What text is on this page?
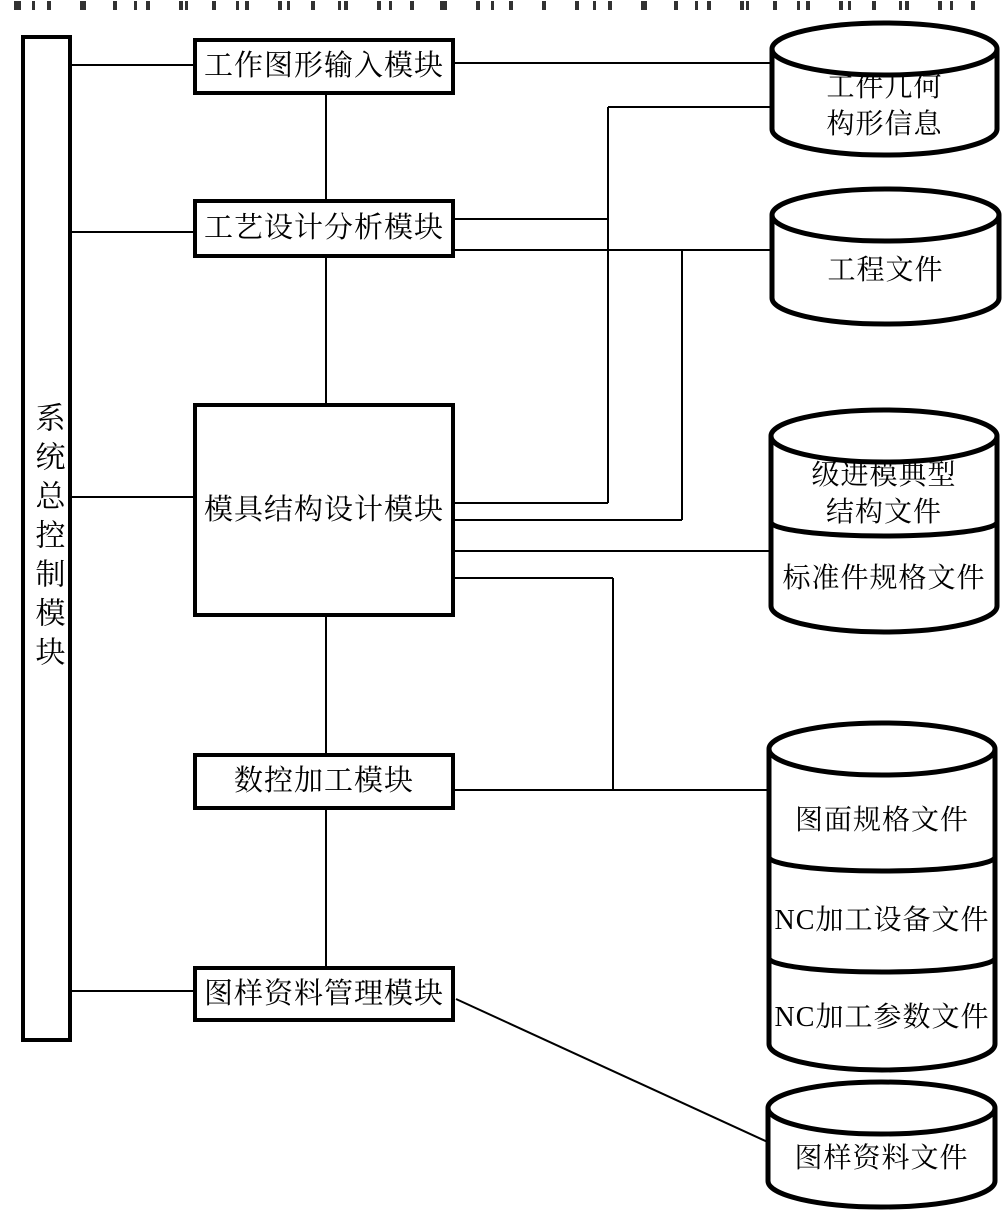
系统总控制模块
工作图形输入模块
工艺设计分析模块
模具结构设计模块
数控加工模块
图样资料管理模块
工件几何
构形信息
工程文件
级进模典型
结构文件
标准件规格文件
图面规格文件
NC加工设备文件
NC加工参数文件
图样资料文件
